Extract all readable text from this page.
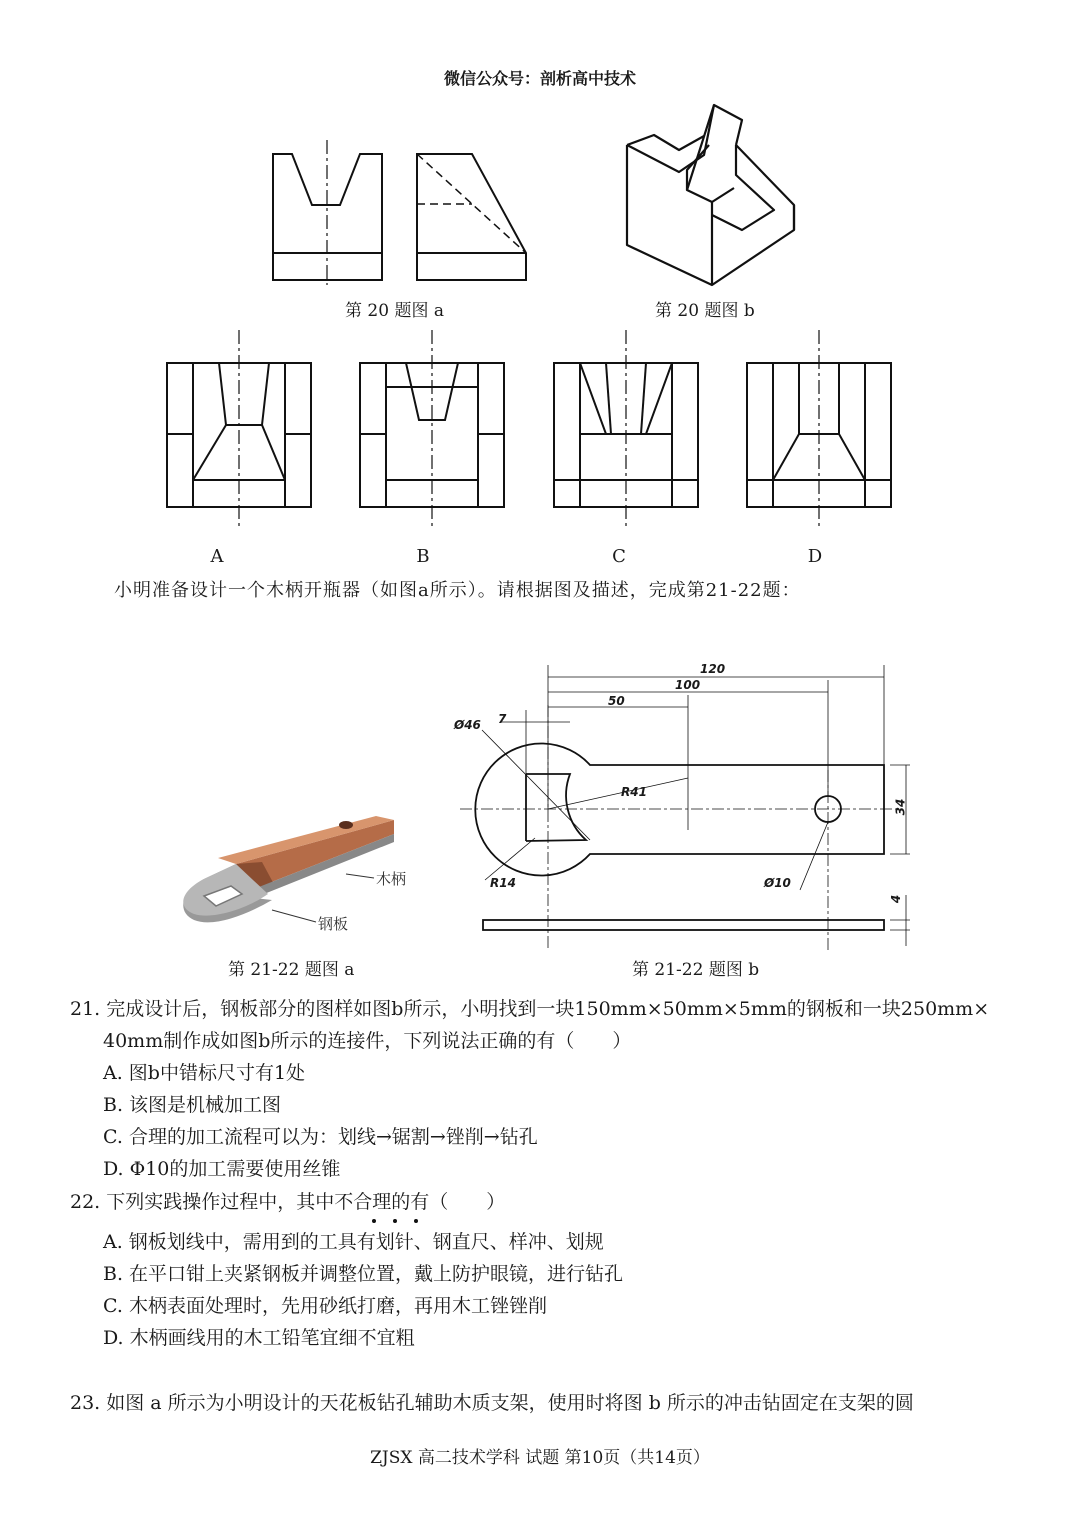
微信公众号：剖析高中技术
第 20 题图 a	第 20 题图 b
A	B	C	D
小明准备设计一个木柄开瓶器（如图a所示）。请根据图及描述，完成第21-22题：
木柄
钢板
第 21-22 题图 a
120
100
50
7
Ø46
R41
R14	Ø10
34
4
第 21-22 题图 b
21. 完成设计后，钢板部分的图样如图b所示，小明找到一块150mm×50mm×5mm的钢板和一块250mm×
40mm制作成如图b所示的连接件，下列说法正确的有（　　）
A. 图b中错标尺寸有1处
B. 该图是机械加工图
C. 合理的加工流程可以为：划线→锯割→锉削→钻孔
D. Φ10的加工需要使用丝锥
22. 下列实践操作过程中，其中不合理的有（　　）
A. 钢板划线中，需用到的工具有划针、钢直尺、样冲、划规
B. 在平口钳上夹紧钢板并调整位置，戴上防护眼镜，进行钻孔
C. 木柄表面处理时，先用砂纸打磨，再用木工锉锉削
D. 木柄画线用的木工铅笔宜细不宜粗
23. 如图 a 所示为小明设计的天花板钻孔辅助木质支架，使用时将图 b 所示的冲击钻固定在支架的圆
ZJSX 高二技术学科 试题 第10页（共14页）
